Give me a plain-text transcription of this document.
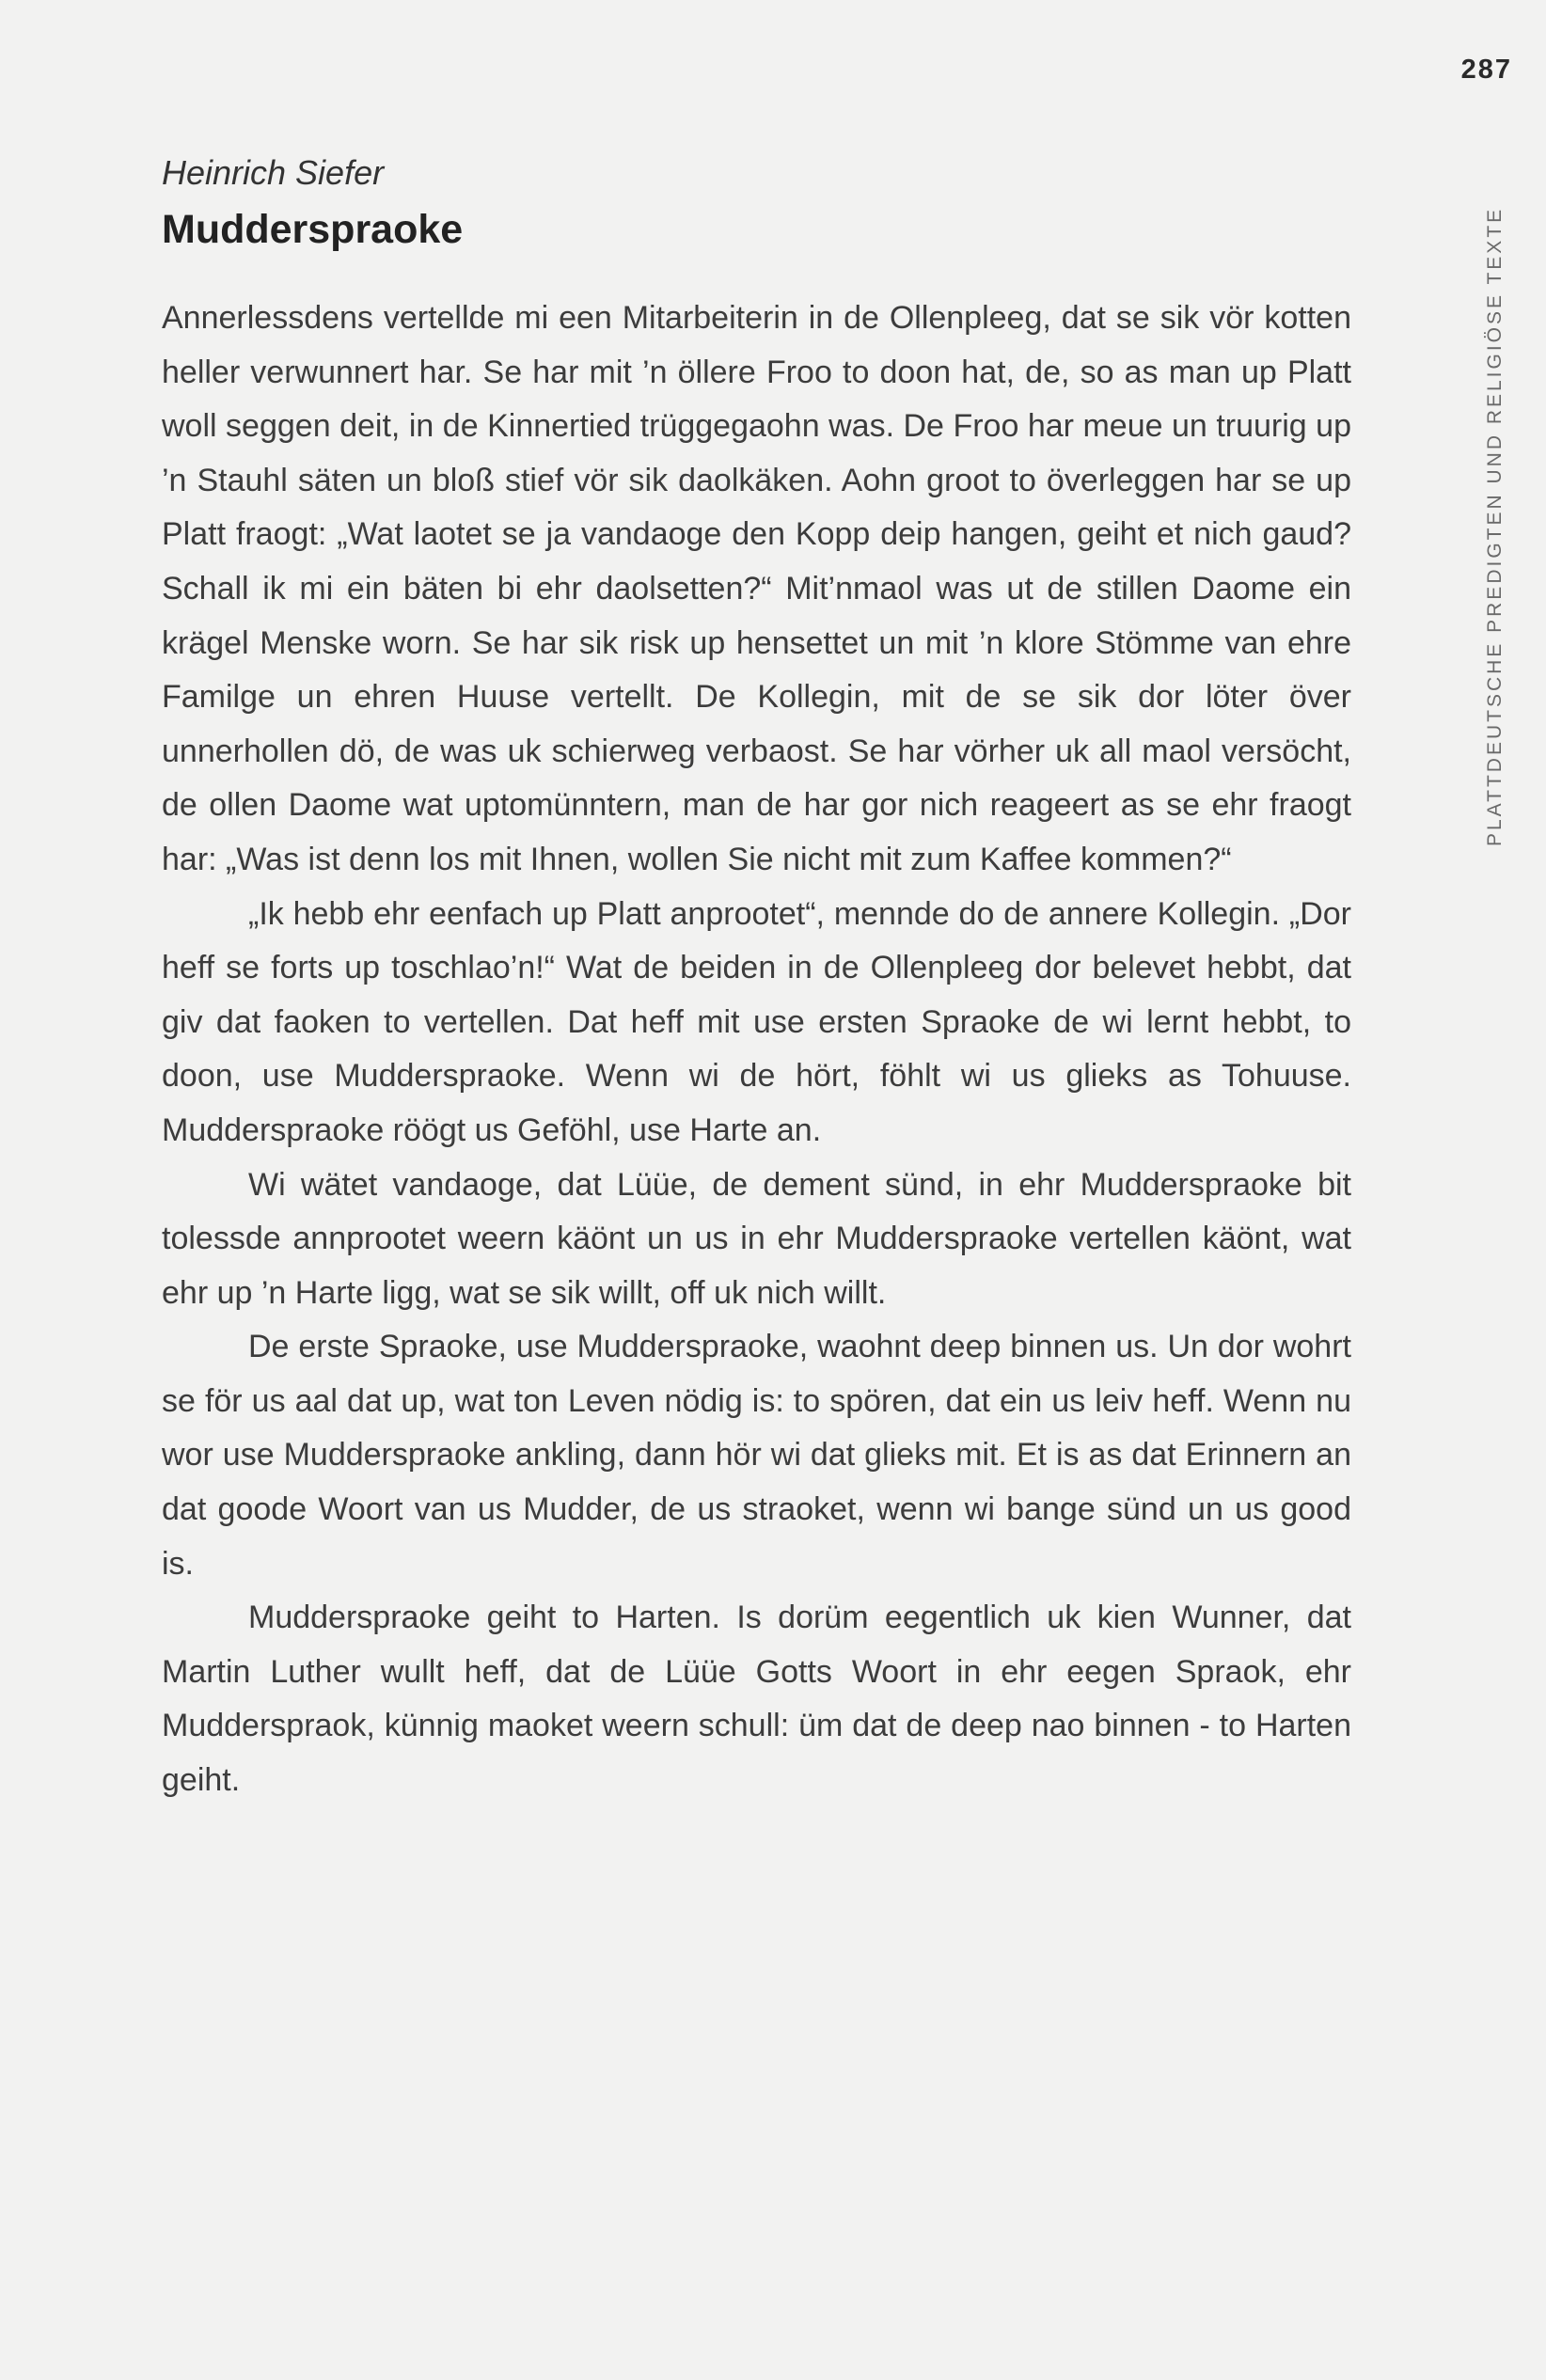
287
PLATTDEUTSCHE PREDIGTEN UND RELIGIÖSE TEXTE
Heinrich Siefer
Muddersprаoke

Annerlessdens vertellde mi een Mitarbeiterin in de Ollenpleeg, dat se sik vör kotten heller verwunnert har. Se har mit ’n öllere Froo to doon hat, de, so as man up Platt woll seggen deit, in de Kinnertied trüggegaohn was. De Froo har meue un truurig up ’n Stauhl säten un bloß stief vör sik daolkäken. Aohn groot to överleggen har se up Platt fraogt: „Wat laotet se ja vandaoge den Kopp deip hangen, geiht et nich gaud? Schall ik mi ein bäten bi ehr daolsetten?“ Mit’nmaol was ut de stillen Daome ein krägel Menske worn. Se har sik risk up hensettet un mit ’n klore Stömme van ehre Familge un ehren Huuse vertellt. De Kollegin, mit de se sik dor löter över unnerhollen dö, de was uk schierweg verbaost. Se har vörher uk all maol versöcht, de ollen Daome wat uptomünntern, man de har gor nich reageert as se ehr fraogt har: „Was ist denn los mit Ihnen, wollen Sie nicht mit zum Kaffee kommen?“

„Ik hebb ehr eenfach up Platt anprootet“, mennde do de annere Kollegin. „Dor heff se forts up toschlao’n!“ Wat de beiden in de Ollenpleeg dor belevet hebbt, dat giv dat faoken to vertellen. Dat heff mit use ersten Spraoke de wi lernt hebbt, to doon, use Muddersprаoke. Wenn wi de hört, föhlt wi us glieks as Tohuuse. Muddersprаoke röögt us Geföhl, use Harte an.

Wi wätet vandaoge, dat Lüüe, de dement sünd, in ehr Mudderspraoke bit tolessde annprootet weern käönt un us in ehr Mudderspraoke vertellen käönt, wat ehr up ’n Harte ligg, wat se sik willt, off uk nich willt.

De erste Spraoke, use Muddersprаoke, waohnt deep binnen us. Un dor wohrt se för us aal dat up, wat ton Leven nödig is: to spören, dat ein us leiv heff. Wenn nu wor use Muddersprаoke ankling, dann hör wi dat glieks mit. Et is as dat Erinnern an dat goode Woort van us Mudder, de us straoket, wenn wi bange sünd un us good is.

Muddersprаoke geiht to Harten. Is dorüm eegentlich uk kien Wunner, dat Martin Luther wullt heff, dat de Lüüe Gotts Woort in ehr eegen Spraok, ehr Muddersprаok, künnig maoket weern schull: üm dat de deep nao binnen - to Harten geiht.
